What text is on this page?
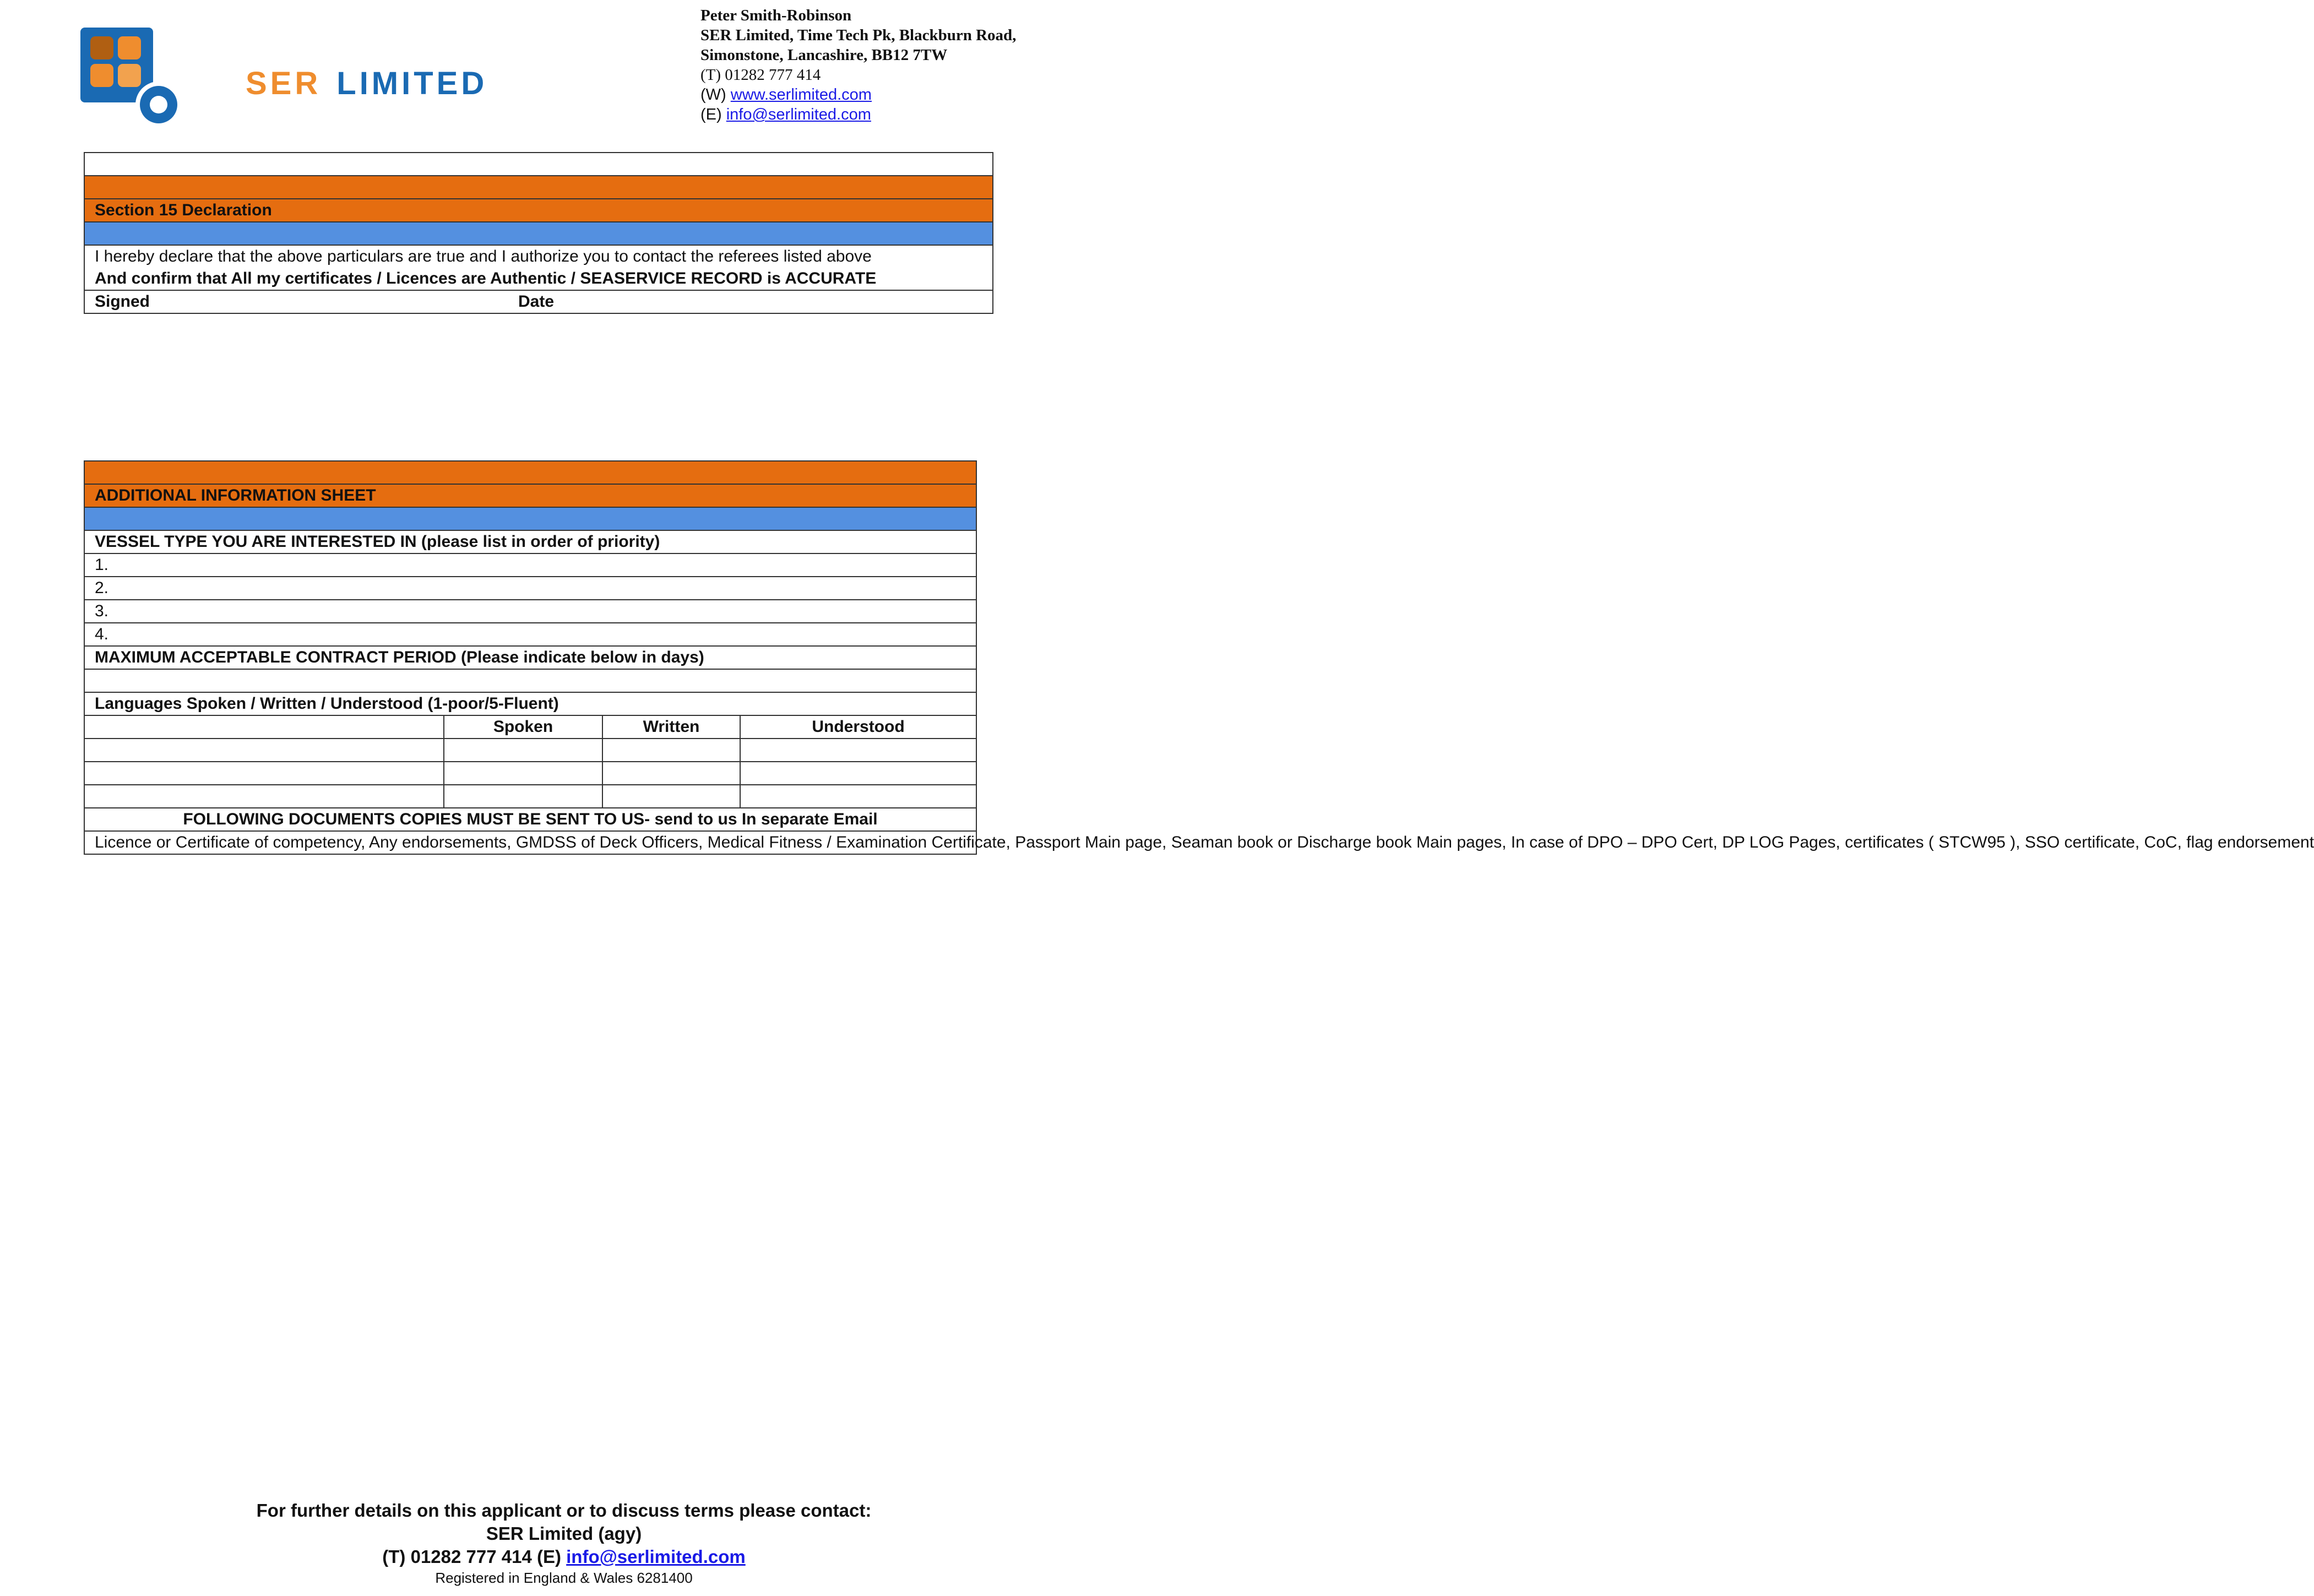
SER LIMITED
Peter Smith-Robinson
SER Limited, Time Tech Pk, Blackburn Road,
Simonstone, Lancashire, BB12 7TW
(T) 01282 777 414
(W) www.serlimited.com
(E) info@serlimited.com

Section 15 Declaration

I hereby declare that the above particulars are true and I authorize you to contact the referees listed above
And confirm that All my certificates / Licences are Authentic / SEASERVICE RECORD is ACCURATE

Signed	Date

ADDITIONAL INFORMATION SHEET			

VESSEL TYPE YOU ARE INTERESTED IN (please list in order of priority)			
1.			
2.			
3.			
4.			
MAXIMUM ACCEPTABLE CONTRACT PERIOD (Please indicate below in days)			

Languages Spoken / Written / Understood (1-poor/5-Fluent)			
	Spoken	Written	Understood

FOLLOWING DOCUMENTS COPIES MUST BE SENT TO US- send to us In separate Email			
Licence or Certificate of competency, Any endorsements, GMDSS of Deck Officers, Medical Fitness / Examination Certificate, Passport Main page, Seaman book or Discharge book Main pages, In case of DPO – DPO Cert, DP LOG Pages, certificates ( STCW95 ), SSO certificate, CoC, flag endorsement			
For further details on this applicant or to discuss terms please contact:
SER Limited (agy)
(T) 01282 777 414 (E) info@serlimited.com
Registered in England & Wales 6281400
